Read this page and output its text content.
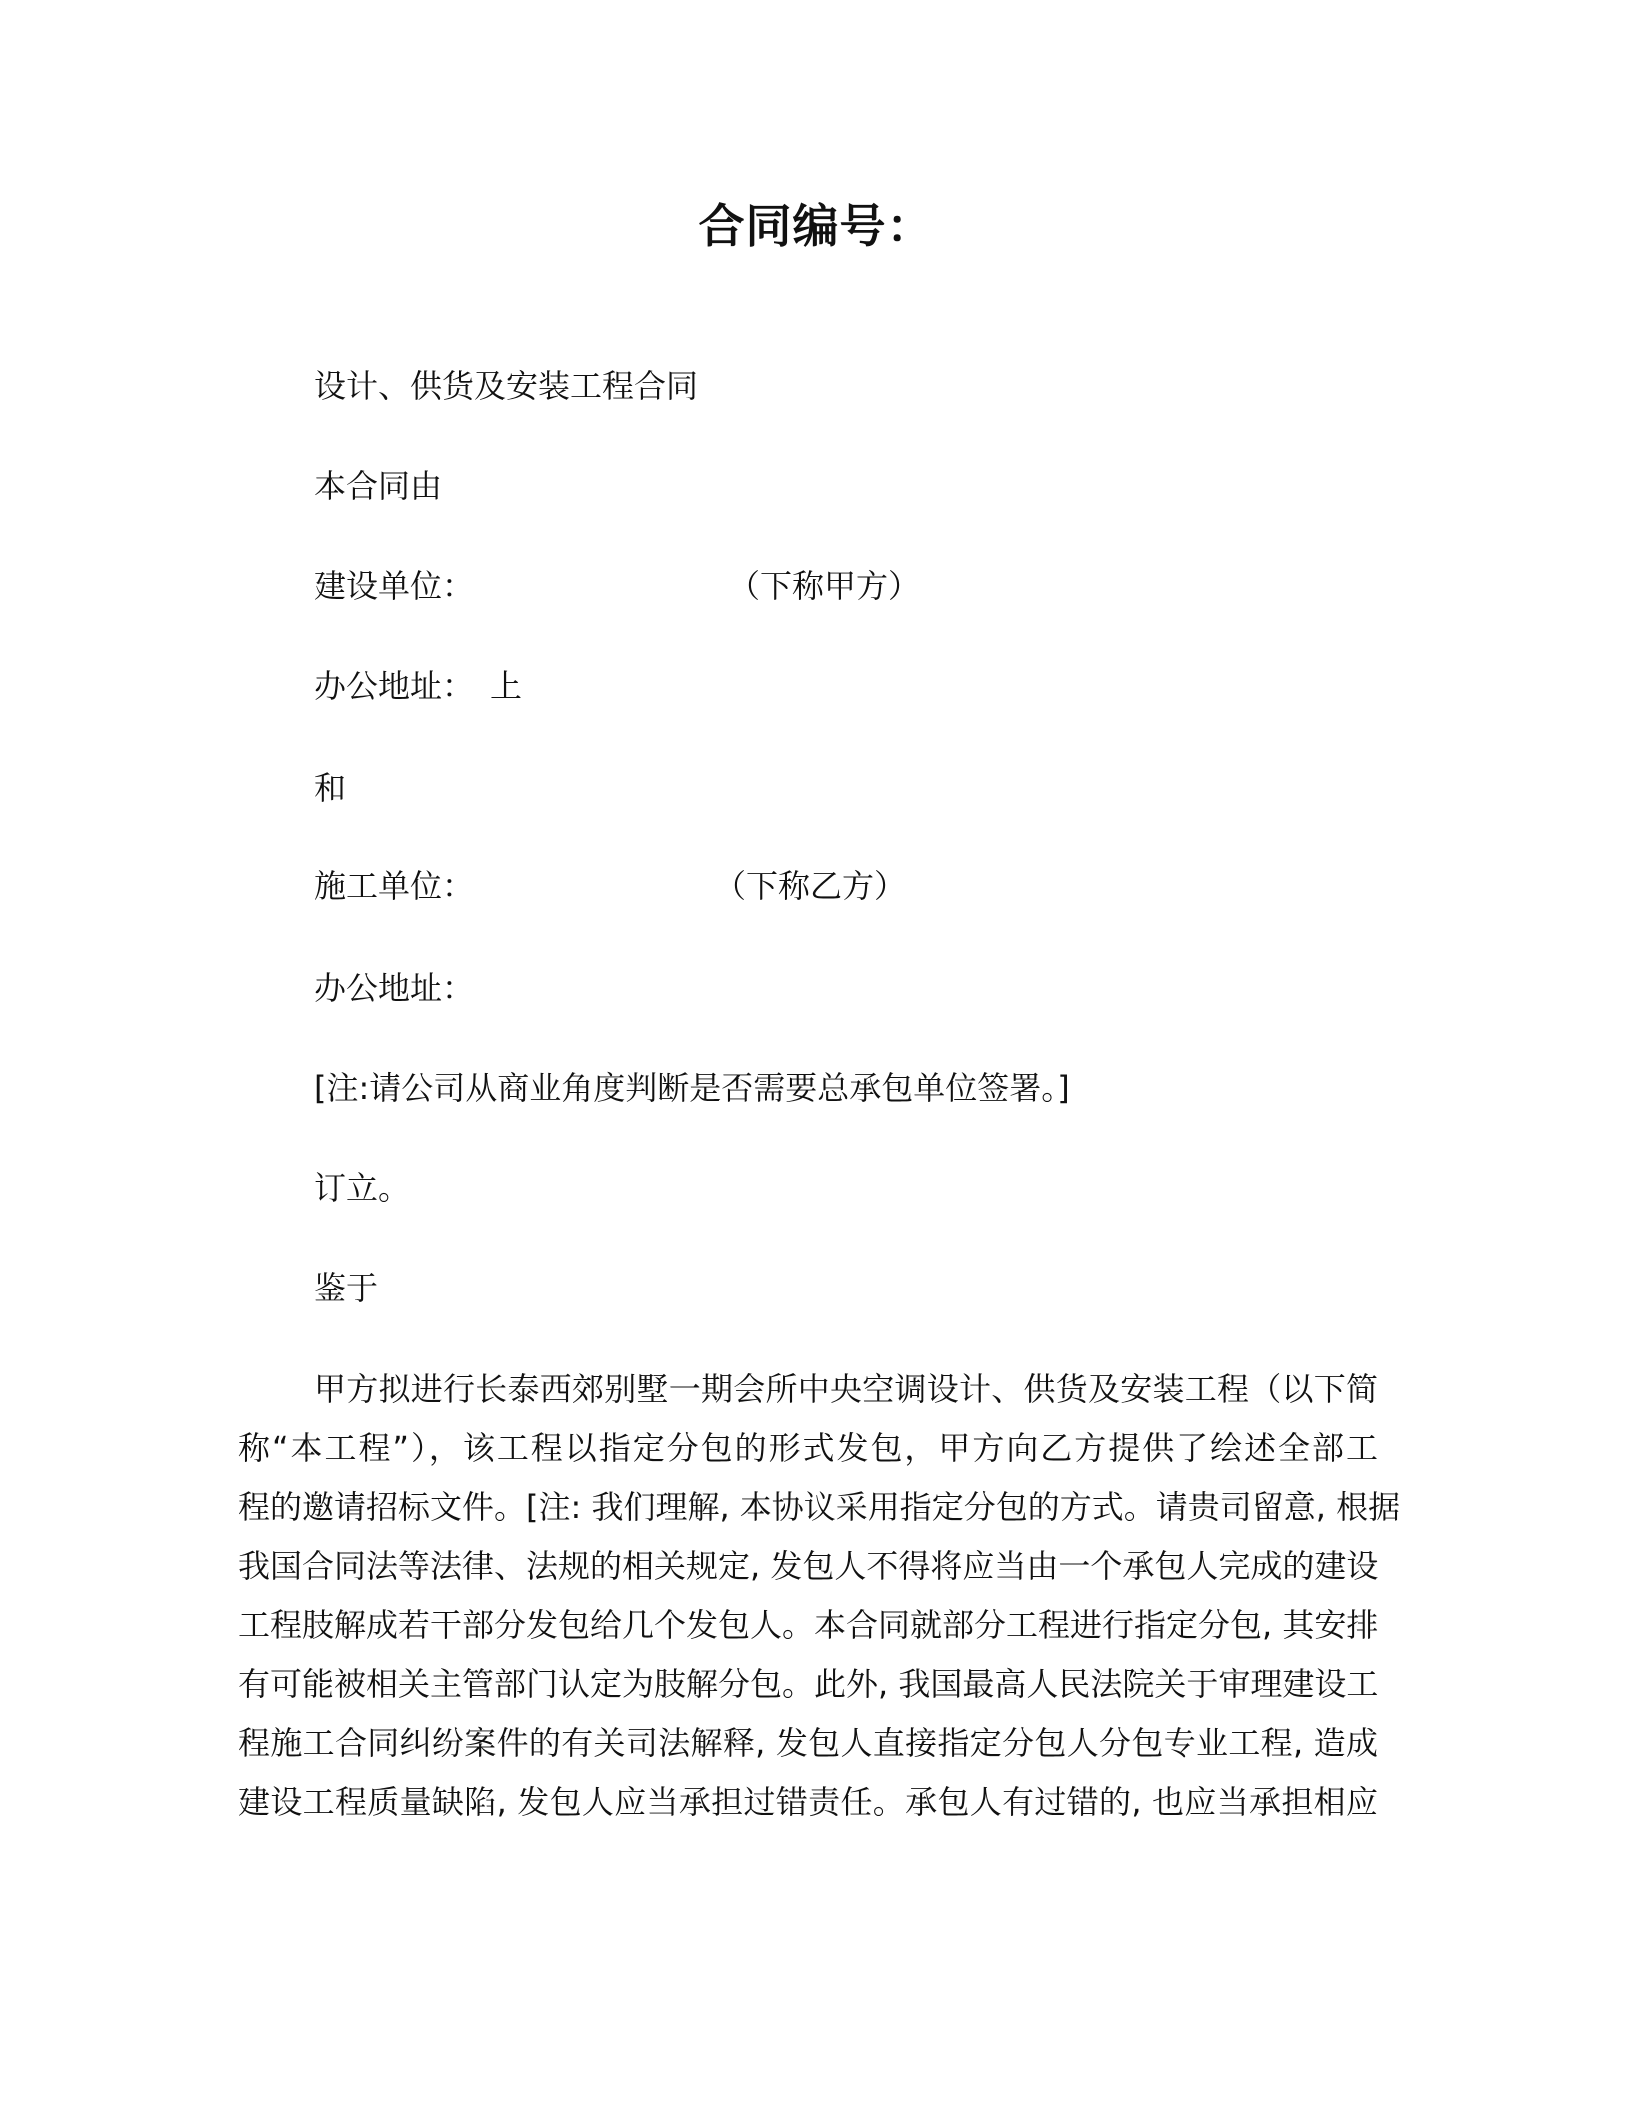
合同编号：
设计、供货及安装工程合同
本合同由
建设单位：	（下称甲方）
办公地址： 上
和
施工单位：	（下称乙方）
办公地址：
[注:请公司从商业角度判断是否需要总承包单位签署。]
订立。
鉴于
甲方拟进行长泰西郊别墅一期会所中央空调设计、供货及安装工程（以下简
称“本工程”），该工程以指定分包的形式发包，甲方向乙方提供了绘述全部工
程的邀请招标文件。[注: 我们理解, 本协议采用指定分包的方式。请贵司留意, 根据
我国合同法等法律、法规的相关规定, 发包人不得将应当由一个承包人完成的建设
工程肢解成若干部分发包给几个发包人。本合同就部分工程进行指定分包, 其安排
有可能被相关主管部门认定为肢解分包。此外, 我国最高人民法院关于审理建设工
程施工合同纠纷案件的有关司法解释, 发包人直接指定分包人分包专业工程, 造成
建设工程质量缺陷, 发包人应当承担过错责任。承包人有过错的, 也应当承担相应
